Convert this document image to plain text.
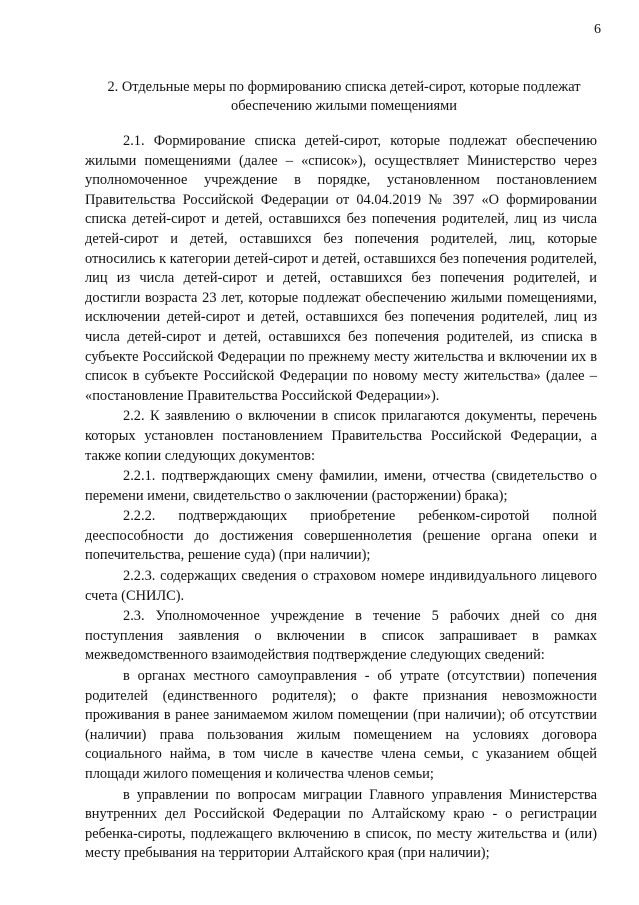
6
2. Отдельные меры по формированию списка детей-сирот, которые подлежат
обеспечению жилыми помещениями

2.1. Формирование списка детей-сирот, которые подлежат обеспечению жилыми помещениями (далее – «список»), осуществляет Министерство через уполномоченное учреждение в порядке, установленном постановлением Правительства Российской Федерации от 04.04.2019 № 397 «О формировании списка детей-сирот и детей, оставшихся без попечения родителей, лиц из числа детей-сирот и детей, оставшихся без попечения родителей, лиц, которые относились к категории детей-сирот и детей, оставшихся без попечения родителей, лиц из числа детей-сирот и детей, оставшихся без попечения родителей, и достигли возраста 23 лет, которые подлежат обеспечению жилыми помещениями, исключении детей-сирот и детей, оставшихся без попечения родителей, лиц из числа детей-сирот и детей, оставшихся без попечения родителей, из списка в субъекте Российской Федерации по прежнему месту жительства и включении их в список в субъекте Российской Федерации по новому месту жительства» (далее – «постановление Правительства Российской Федерации»).

2.2. К заявлению о включении в список прилагаются документы, перечень которых установлен постановлением Правительства Российской Федерации, а также копии следующих документов:

2.2.1. подтверждающих смену фамилии, имени, отчества (свидетельство о перемени имени, свидетельство о заключении (расторжении) брака);

2.2.2. подтверждающих приобретение ребенком-сиротой полной дееспособности до достижения совершеннолетия (решение органа опеки и попечительства, решение суда) (при наличии);

2.2.3. содержащих сведения о страховом номере индивидуального лицевого счета (СНИЛС).

2.3. Уполномоченное учреждение в течение 5 рабочих дней со дня поступления заявления о включении в список запрашивает в рамках межведомственного взаимодействия подтверждение следующих сведений:

в органах местного самоуправления - об утрате (отсутствии) попечения родителей (единственного родителя); о факте признания невозможности проживания в ранее занимаемом жилом помещении (при наличии); об отсутствии (наличии) права пользования жилым помещением на условиях договора социального найма, в том числе в качестве члена семьи, с указанием общей площади жилого помещения и количества членов семьи;

в управлении по вопросам миграции Главного управления Министерства внутренних дел Российской Федерации по Алтайскому краю - о регистрации ребенка-сироты, подлежащего включению в список, по месту жительства и (или) месту пребывания на территории Алтайского края (при наличии);
